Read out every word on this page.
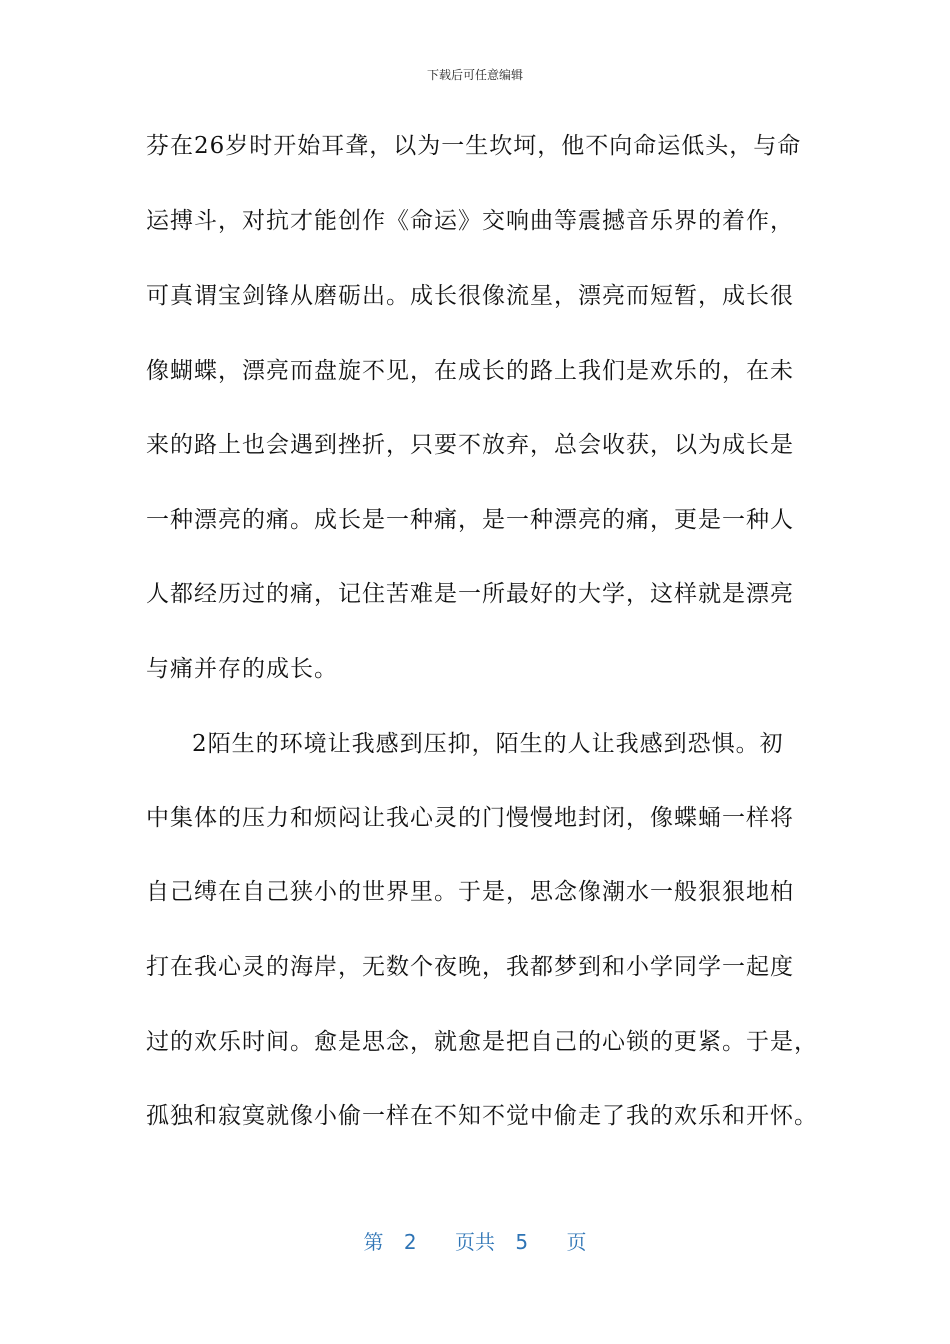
下载后可任意编辑
芬在26岁时开始耳聋，以为一生坎坷，他不向命运低头，与命
运搏斗，对抗才能创作《命运》交响曲等震撼音乐界的着作，
可真谓宝剑锋从磨砺出。成长很像流星，漂亮而短暂，成长很
像蝴蝶，漂亮而盘旋不见，在成长的路上我们是欢乐的，在未
来的路上也会遇到挫折，只要不放弃，总会收获，以为成长是
一种漂亮的痛。成长是一种痛，是一种漂亮的痛，更是一种人
人都经历过的痛，记住苦难是一所最好的大学，这样就是漂亮
与痛并存的成长。
2陌生的环境让我感到压抑，陌生的人让我感到恐惧。初
中集体的压力和烦闷让我心灵的门慢慢地封闭，像蝶蛹一样将
自己缚在自己狭小的世界里。于是，思念像潮水一般狠狠地柏
打在我心灵的海岸，无数个夜晚，我都梦到和小学同学一起度
过的欢乐时间。愈是思念，就愈是把自己的心锁的更紧。于是，
孤独和寂寞就像小偷一样在不知不觉中偷走了我的欢乐和开怀。
第 2 页共 5 页
